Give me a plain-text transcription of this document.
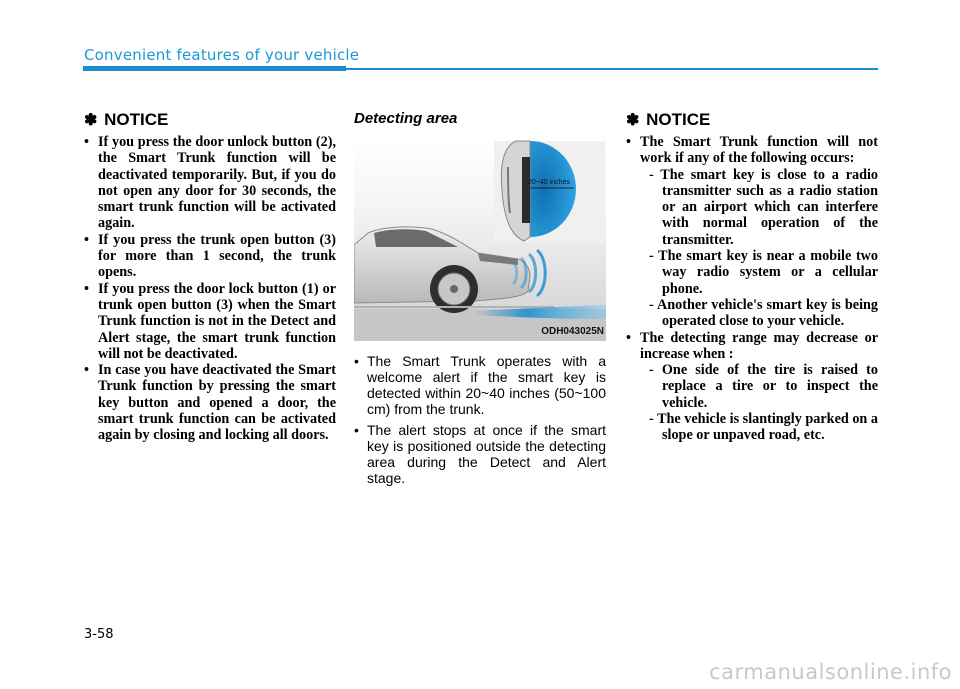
Convenient features of your vehicle
✽ NOTICE
• If you press the door unlock button (2), the Smart Trunk function will be deactivated temporarily. But, if you do not open any door for 30 seconds, the smart trunk function will be activated again.
• If you press the trunk open button (3) for more than 1 second, the trunk opens.
• If you press the door lock button (1) or trunk open button (3) when the Smart Trunk function is not in the Detect and Alert stage, the smart trunk function will not be deactivated.
• In case you have deactivated the Smart Trunk function by pressing the smart key button and opened a door, the smart trunk function can be activated again by closing and locking all doors.
Detecting area
20~40 inches
ODH043025N
• The Smart Trunk operates with a welcome alert if the smart key is detected within 20~40 inches (50~100 cm) from the trunk.
• The alert stops at once if the smart key is positioned outside the detecting area during the Detect and Alert stage.
✽ NOTICE
• The Smart Trunk function will not work if any of the following occurs:
- The smart key is close to a radio transmitter such as a radio station or an airport which can interfere with normal operation of the transmitter.
- The smart key is near a mobile two way radio system or a cellular phone.
- Another vehicle's smart key is being operated close to your vehicle.
• The detecting range may decrease or increase when :
- One side of the tire is raised to replace a tire or to inspect the vehicle.
- The vehicle is slantingly parked on a slope or unpaved road, etc.
3-58
carmanualsonline.info
